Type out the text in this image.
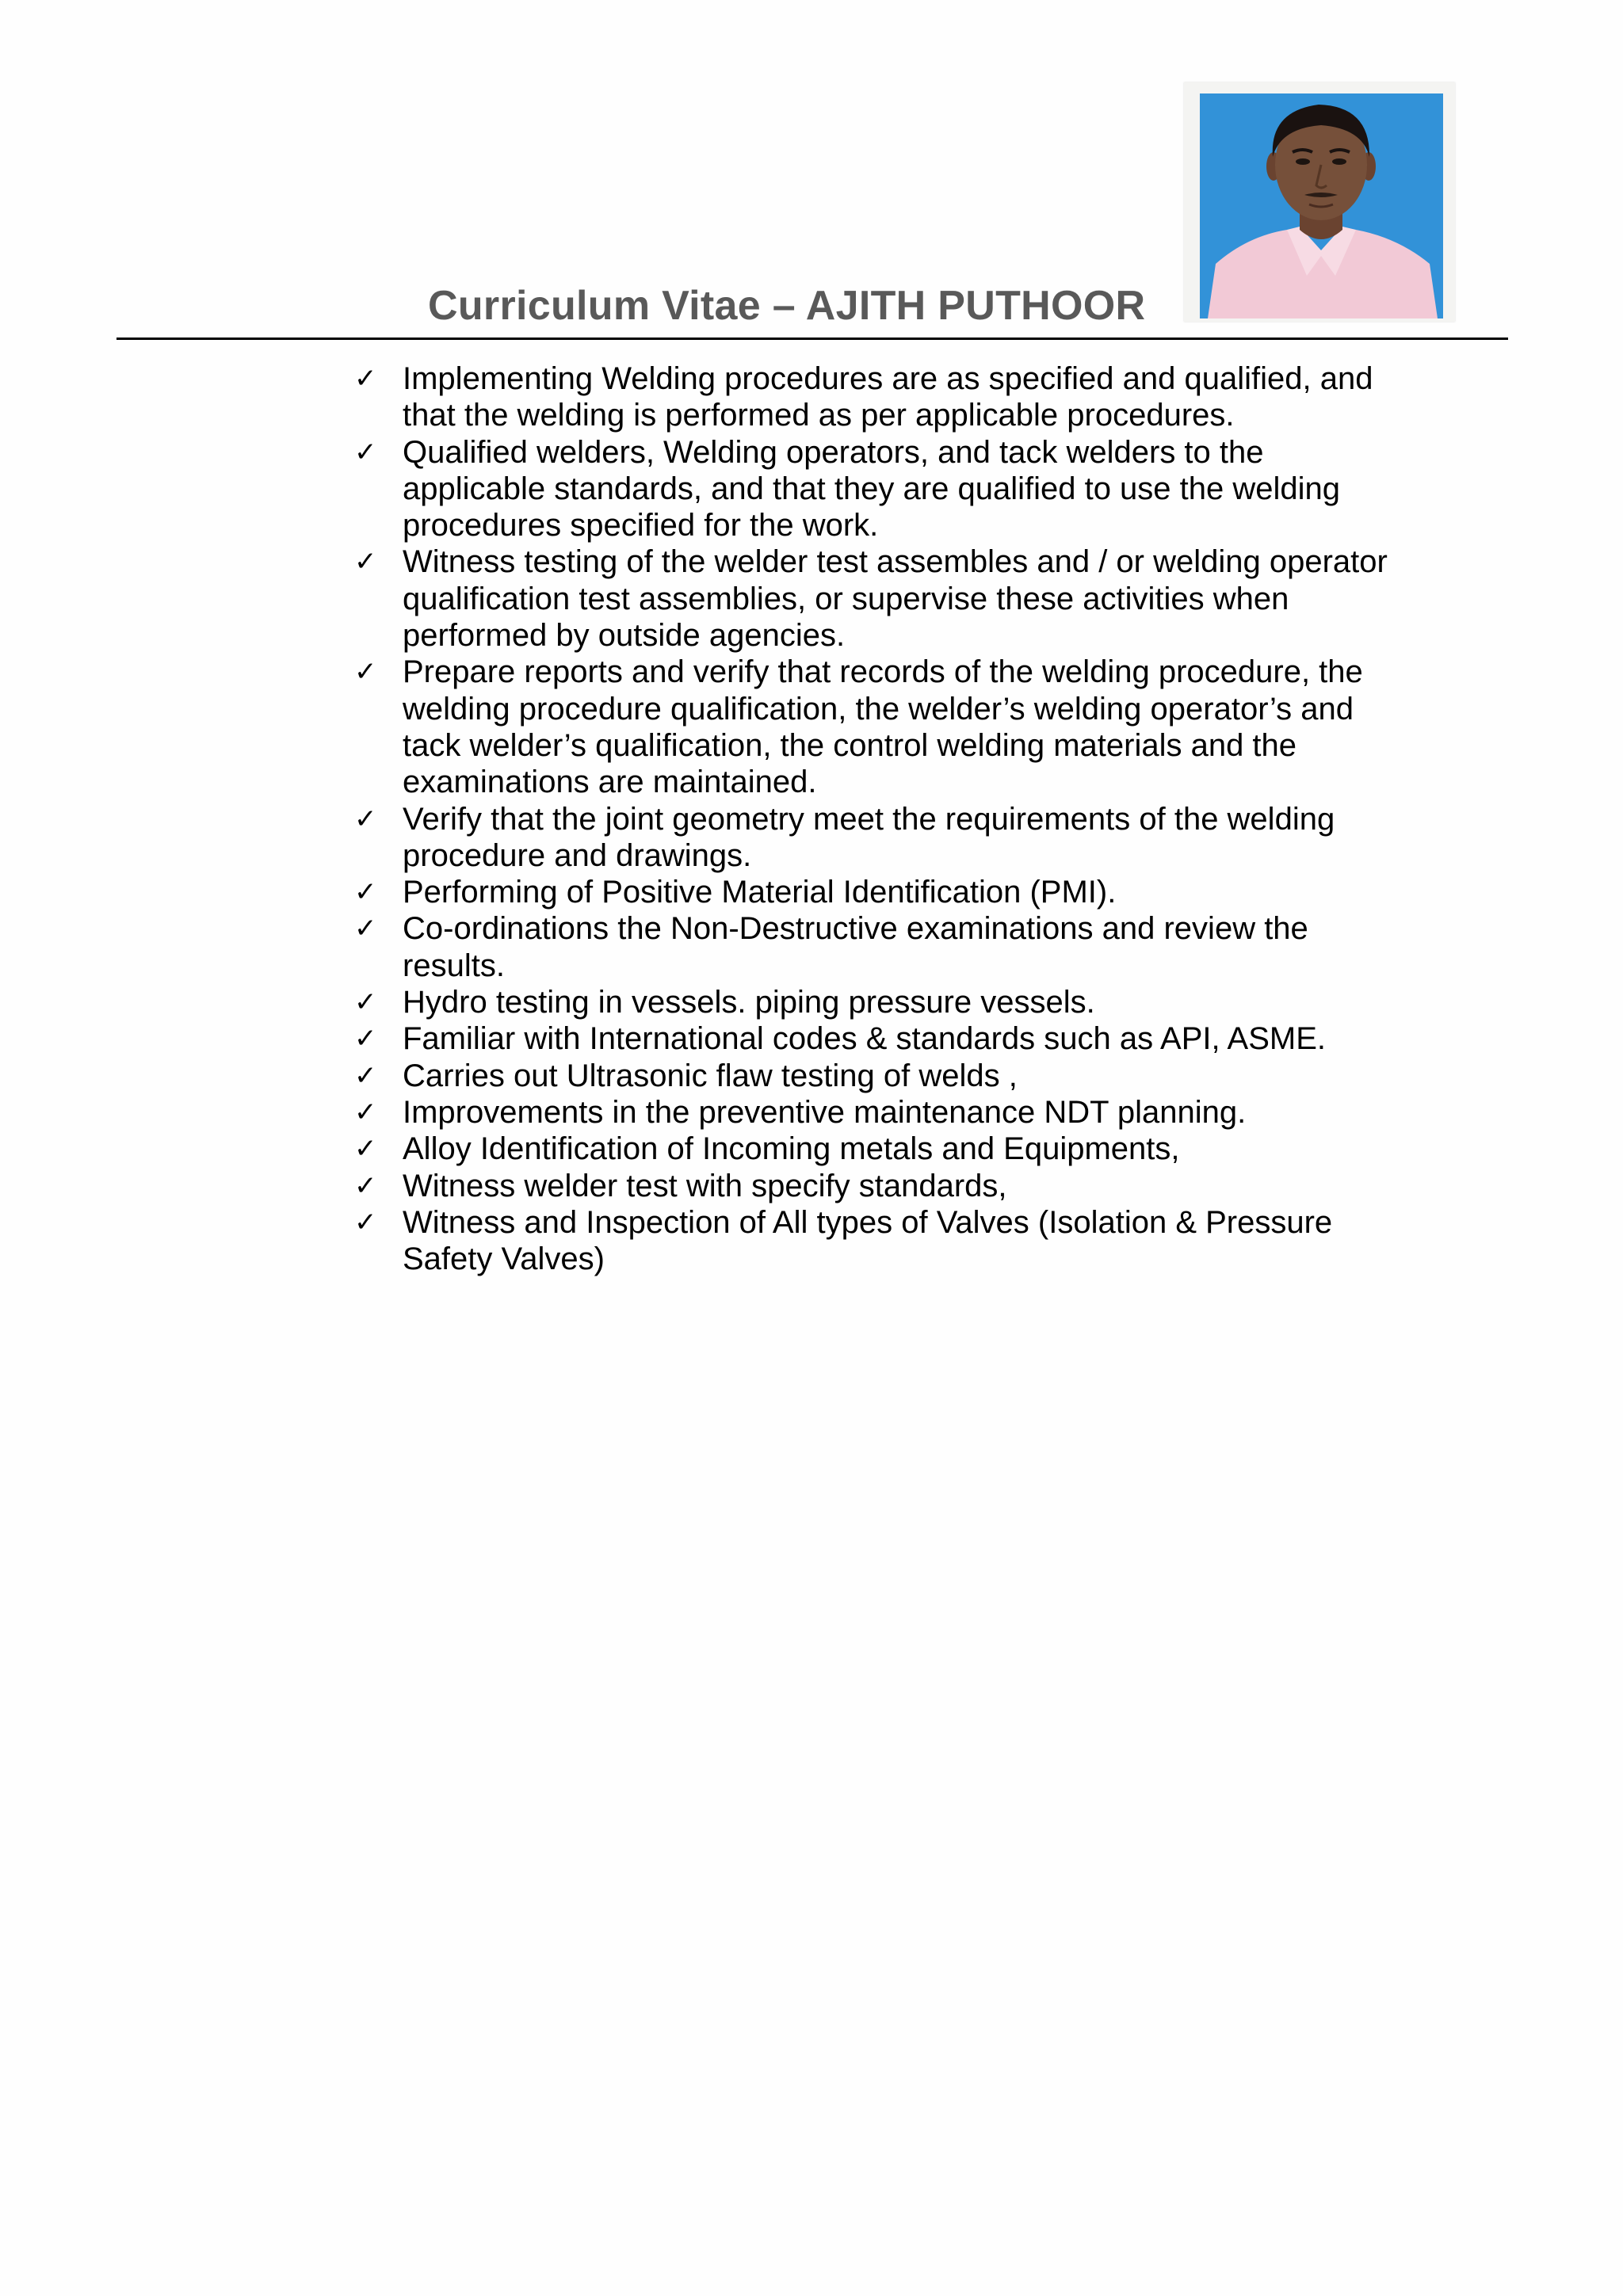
Curriculum Vitae – AJITH PUTHOOR
✓ Implementing Welding procedures are as specified and qualified, and that the welding is performed as per applicable procedures.
✓ Qualified welders, Welding operators, and tack welders to the applicable standards, and that they are qualified to use the welding procedures specified for the work.
✓ Witness testing of the welder test assembles and / or welding operator qualification test assemblies, or supervise these activities when performed by outside agencies.
✓ Prepare reports and verify that records of the welding procedure, the welding procedure qualification, the welder’s welding operator’s and tack welder’s qualification, the control welding materials and the examinations are maintained.
✓ Verify that the joint geometry meet the requirements of the welding procedure and drawings.
✓ Performing of Positive Material Identification (PMI).
✓ Co-ordinations the Non-Destructive examinations and review the results.
✓ Hydro testing in vessels. piping pressure vessels.
✓ Familiar with International codes & standards such as API, ASME.
✓ Carries out Ultrasonic flaw testing of welds ,
✓ Improvements in the preventive maintenance NDT planning.
✓ Alloy Identification of Incoming metals and Equipments,
✓ Witness welder test with specify standards,
✓ Witness and Inspection of All types of Valves (Isolation & Pressure Safety Valves)
